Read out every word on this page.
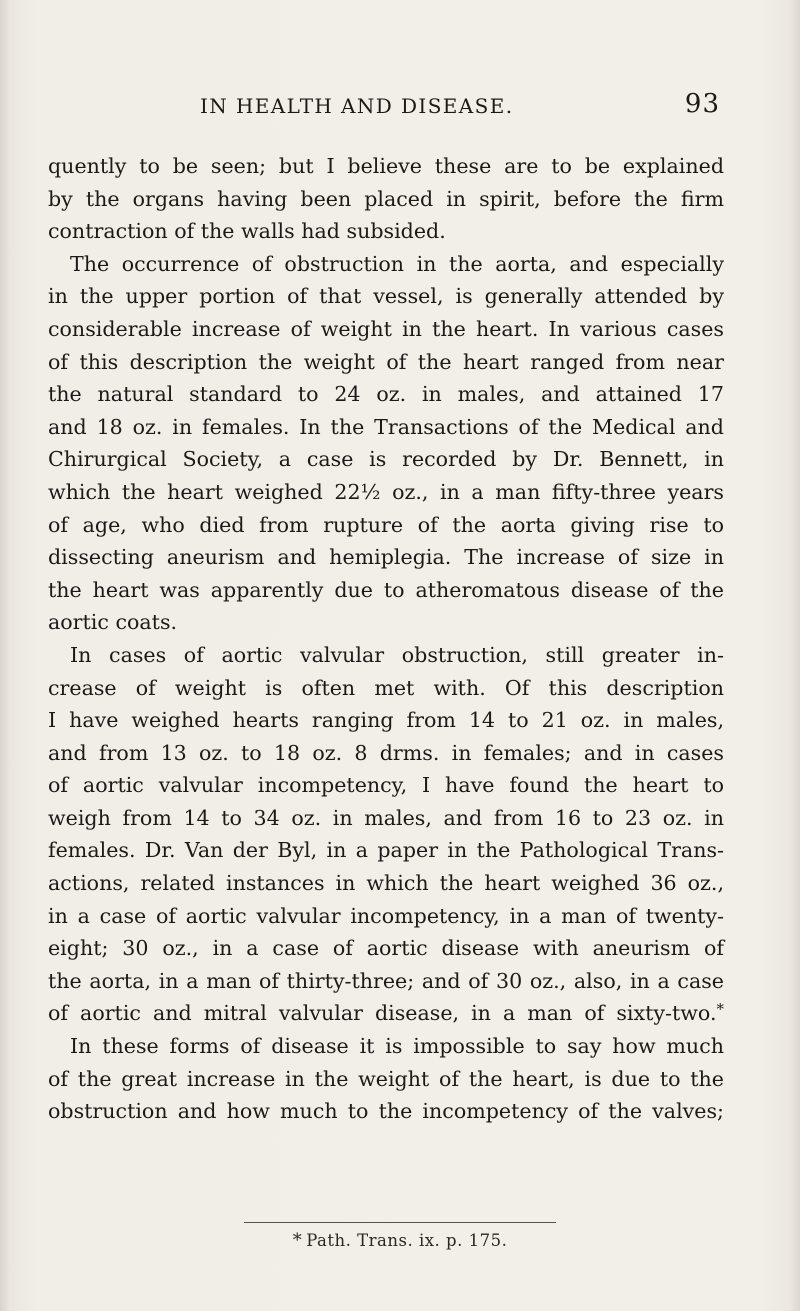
IN HEALTH AND DISEASE.	93
quently to be seen; but I believe these are to be explained
by the organs having been placed in spirit, before the firm
contraction of the walls had subsided.
The occurrence of obstruction in the aorta, and especially
in the upper portion of that vessel, is generally attended by
considerable increase of weight in the heart. In various cases
of this description the weight of the heart ranged from near
the natural standard to 24 oz. in males, and attained 17
and 18 oz. in females. In the Transactions of the Medical and
Chirurgical Society, a case is recorded by Dr. Bennett, in
which the heart weighed 22½ oz., in a man fifty-three years
of age, who died from rupture of the aorta giving rise to
dissecting aneurism and hemiplegia. The increase of size in
the heart was apparently due to atheromatous disease of the
aortic coats.
In cases of aortic valvular obstruction, still greater in-
crease of weight is often met with. Of this description
I have weighed hearts ranging from 14 to 21 oz. in males,
and from 13 oz. to 18 oz. 8 drms. in females; and in cases
of aortic valvular incompetency, I have found the heart to
weigh from 14 to 34 oz. in males, and from 16 to 23 oz. in
females. Dr. Van der Byl, in a paper in the Pathological Trans-
actions, related instances in which the heart weighed 36 oz.,
in a case of aortic valvular incompetency, in a man of twenty-
eight; 30 oz., in a case of aortic disease with aneurism of
the aorta, in a man of thirty-three; and of 30 oz., also, in a case
of aortic and mitral valvular disease, in a man of sixty-two.*
In these forms of disease it is impossible to say how much
of the great increase in the weight of the heart, is due to the
obstruction and how much to the incompetency of the valves;
* Path. Trans. ix. p. 175.
